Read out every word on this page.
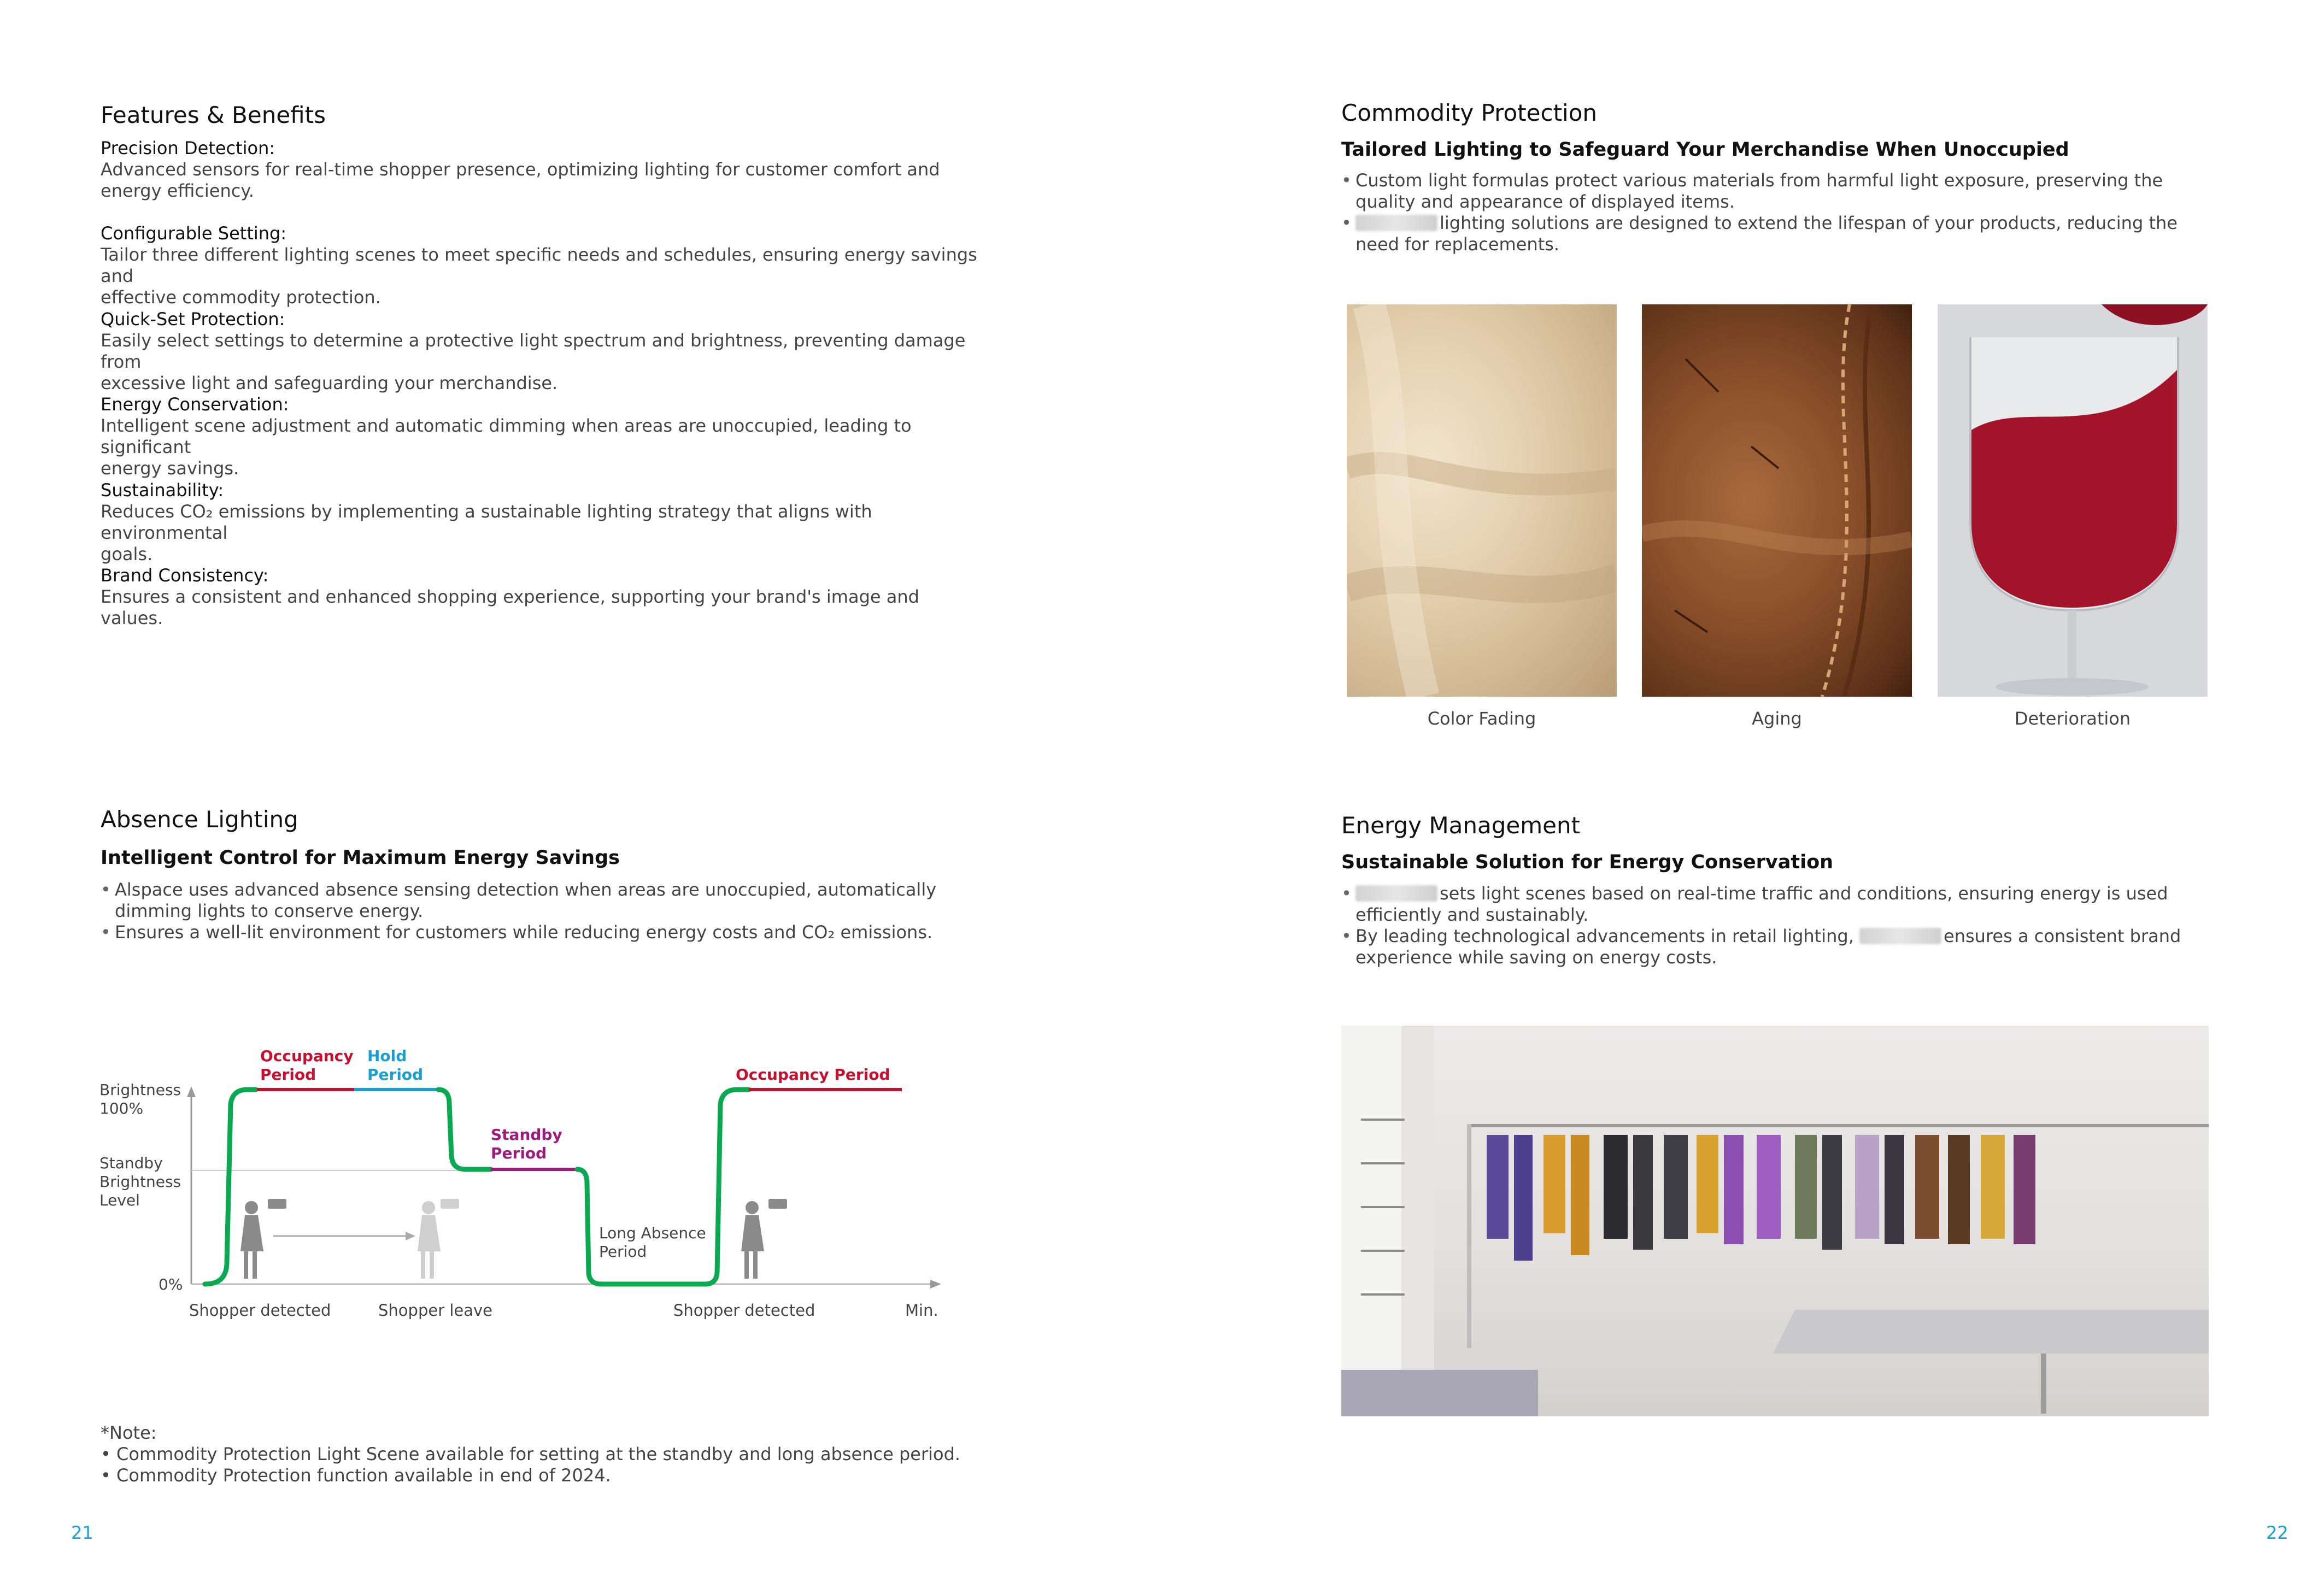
Features & Benefits
Precision Detection:
Advanced sensors for real-time shopper presence, optimizing lighting for customer comfort and
energy efficiency.
Configurable Setting:
Tailor three different lighting scenes to meet specific needs and schedules, ensuring energy savings and
effective commodity protection.
Quick-Set Protection:
Easily select settings to determine a protective light spectrum and brightness, preventing damage from
excessive light and safeguarding your merchandise.
Energy Conservation:
Intelligent scene adjustment and automatic dimming when areas are unoccupied, leading to significant
energy savings.
Sustainability:
Reduces CO₂ emissions by implementing a sustainable lighting strategy that aligns with environmental
goals.
Brand Consistency:
Ensures a consistent and enhanced shopping experience, supporting your brand's image and values.
Absence Lighting
Intelligent Control for Maximum Energy Savings
• Alspace uses advanced absence sensing detection when areas are unoccupied, automatically dimming lights to conserve energy.
• Ensures a well-lit environment for customers while reducing energy costs and CO₂ emissions.
Brightness
100%
Standby
Brightness
Level
0%
Shopper detected	Shopper leave	Shopper detected	Min.
Occupancy
Period
Hold
Period
Standby
Period
Occupancy Period
Long Absence
Period
*Note:
• Commodity Protection Light Scene available for setting at the standby and long absence period.
• Commodity Protection function available in end of 2024.
21
Commodity Protection
Tailored Lighting to Safeguard Your Merchandise When Unoccupied
• Custom light formulas protect various materials from harmful light exposure, preserving the quality and appearance of displayed items.
• lighting solutions are designed to extend the lifespan of your products, reducing the need for replacements.
Color Fading	Aging	Deterioration
Energy Management
Sustainable Solution for Energy Conservation
• sets light scenes based on real-time traffic and conditions, ensuring energy is used efficiently and sustainably.
• By leading technological advancements in retail lighting,	ensures a consistent brand experience while saving on energy costs.
22
